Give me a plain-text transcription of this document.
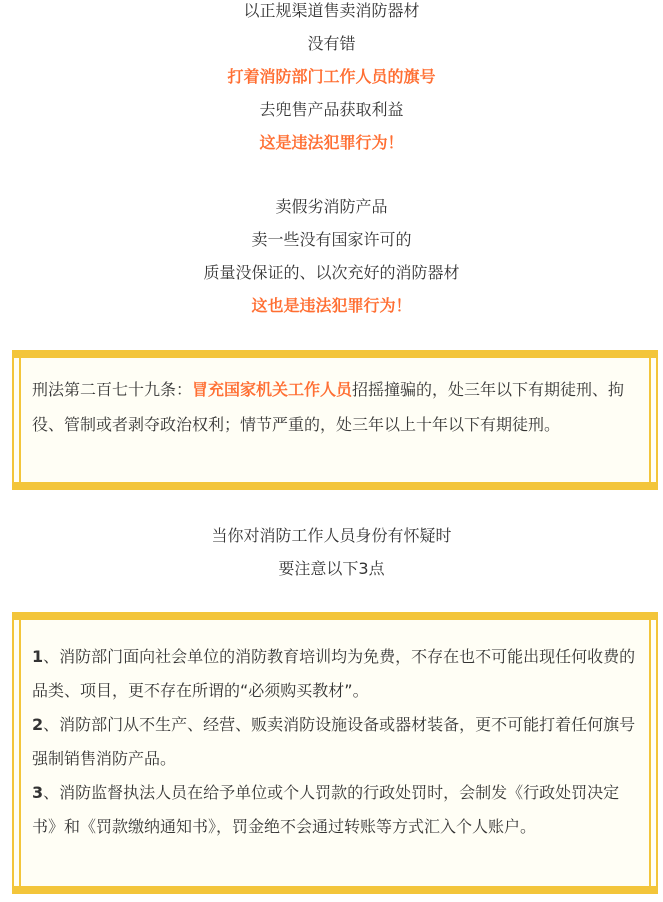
以正规渠道售卖消防器材
没有错
打着消防部门工作人员的旗号
去兜售产品获取利益
这是违法犯罪行为！
卖假劣消防产品
卖一些没有国家许可的
质量没保证的、以次充好的消防器材
这也是违法犯罪行为！
刑法第二百七十九条：冒充国家机关工作人员招摇撞骗的，处三年以下有期徒刑、拘役、管制或者剥夺政治权利；情节严重的，处三年以上十年以下有期徒刑。
当你对消防工作人员身份有怀疑时
要注意以下3点
1、消防部门面向社会单位的消防教育培训均为免费，不存在也不可能出现任何收费的品类、项目，更不存在所谓的“必须购买教材”。
2、消防部门从不生产、经营、贩卖消防设施设备或器材装备，更不可能打着任何旗号强制销售消防产品。
3、消防监督执法人员在给予单位或个人罚款的行政处罚时，会制发《行政处罚决定书》和《罚款缴纳通知书》，罚金绝不会通过转账等方式汇入个人账户。
